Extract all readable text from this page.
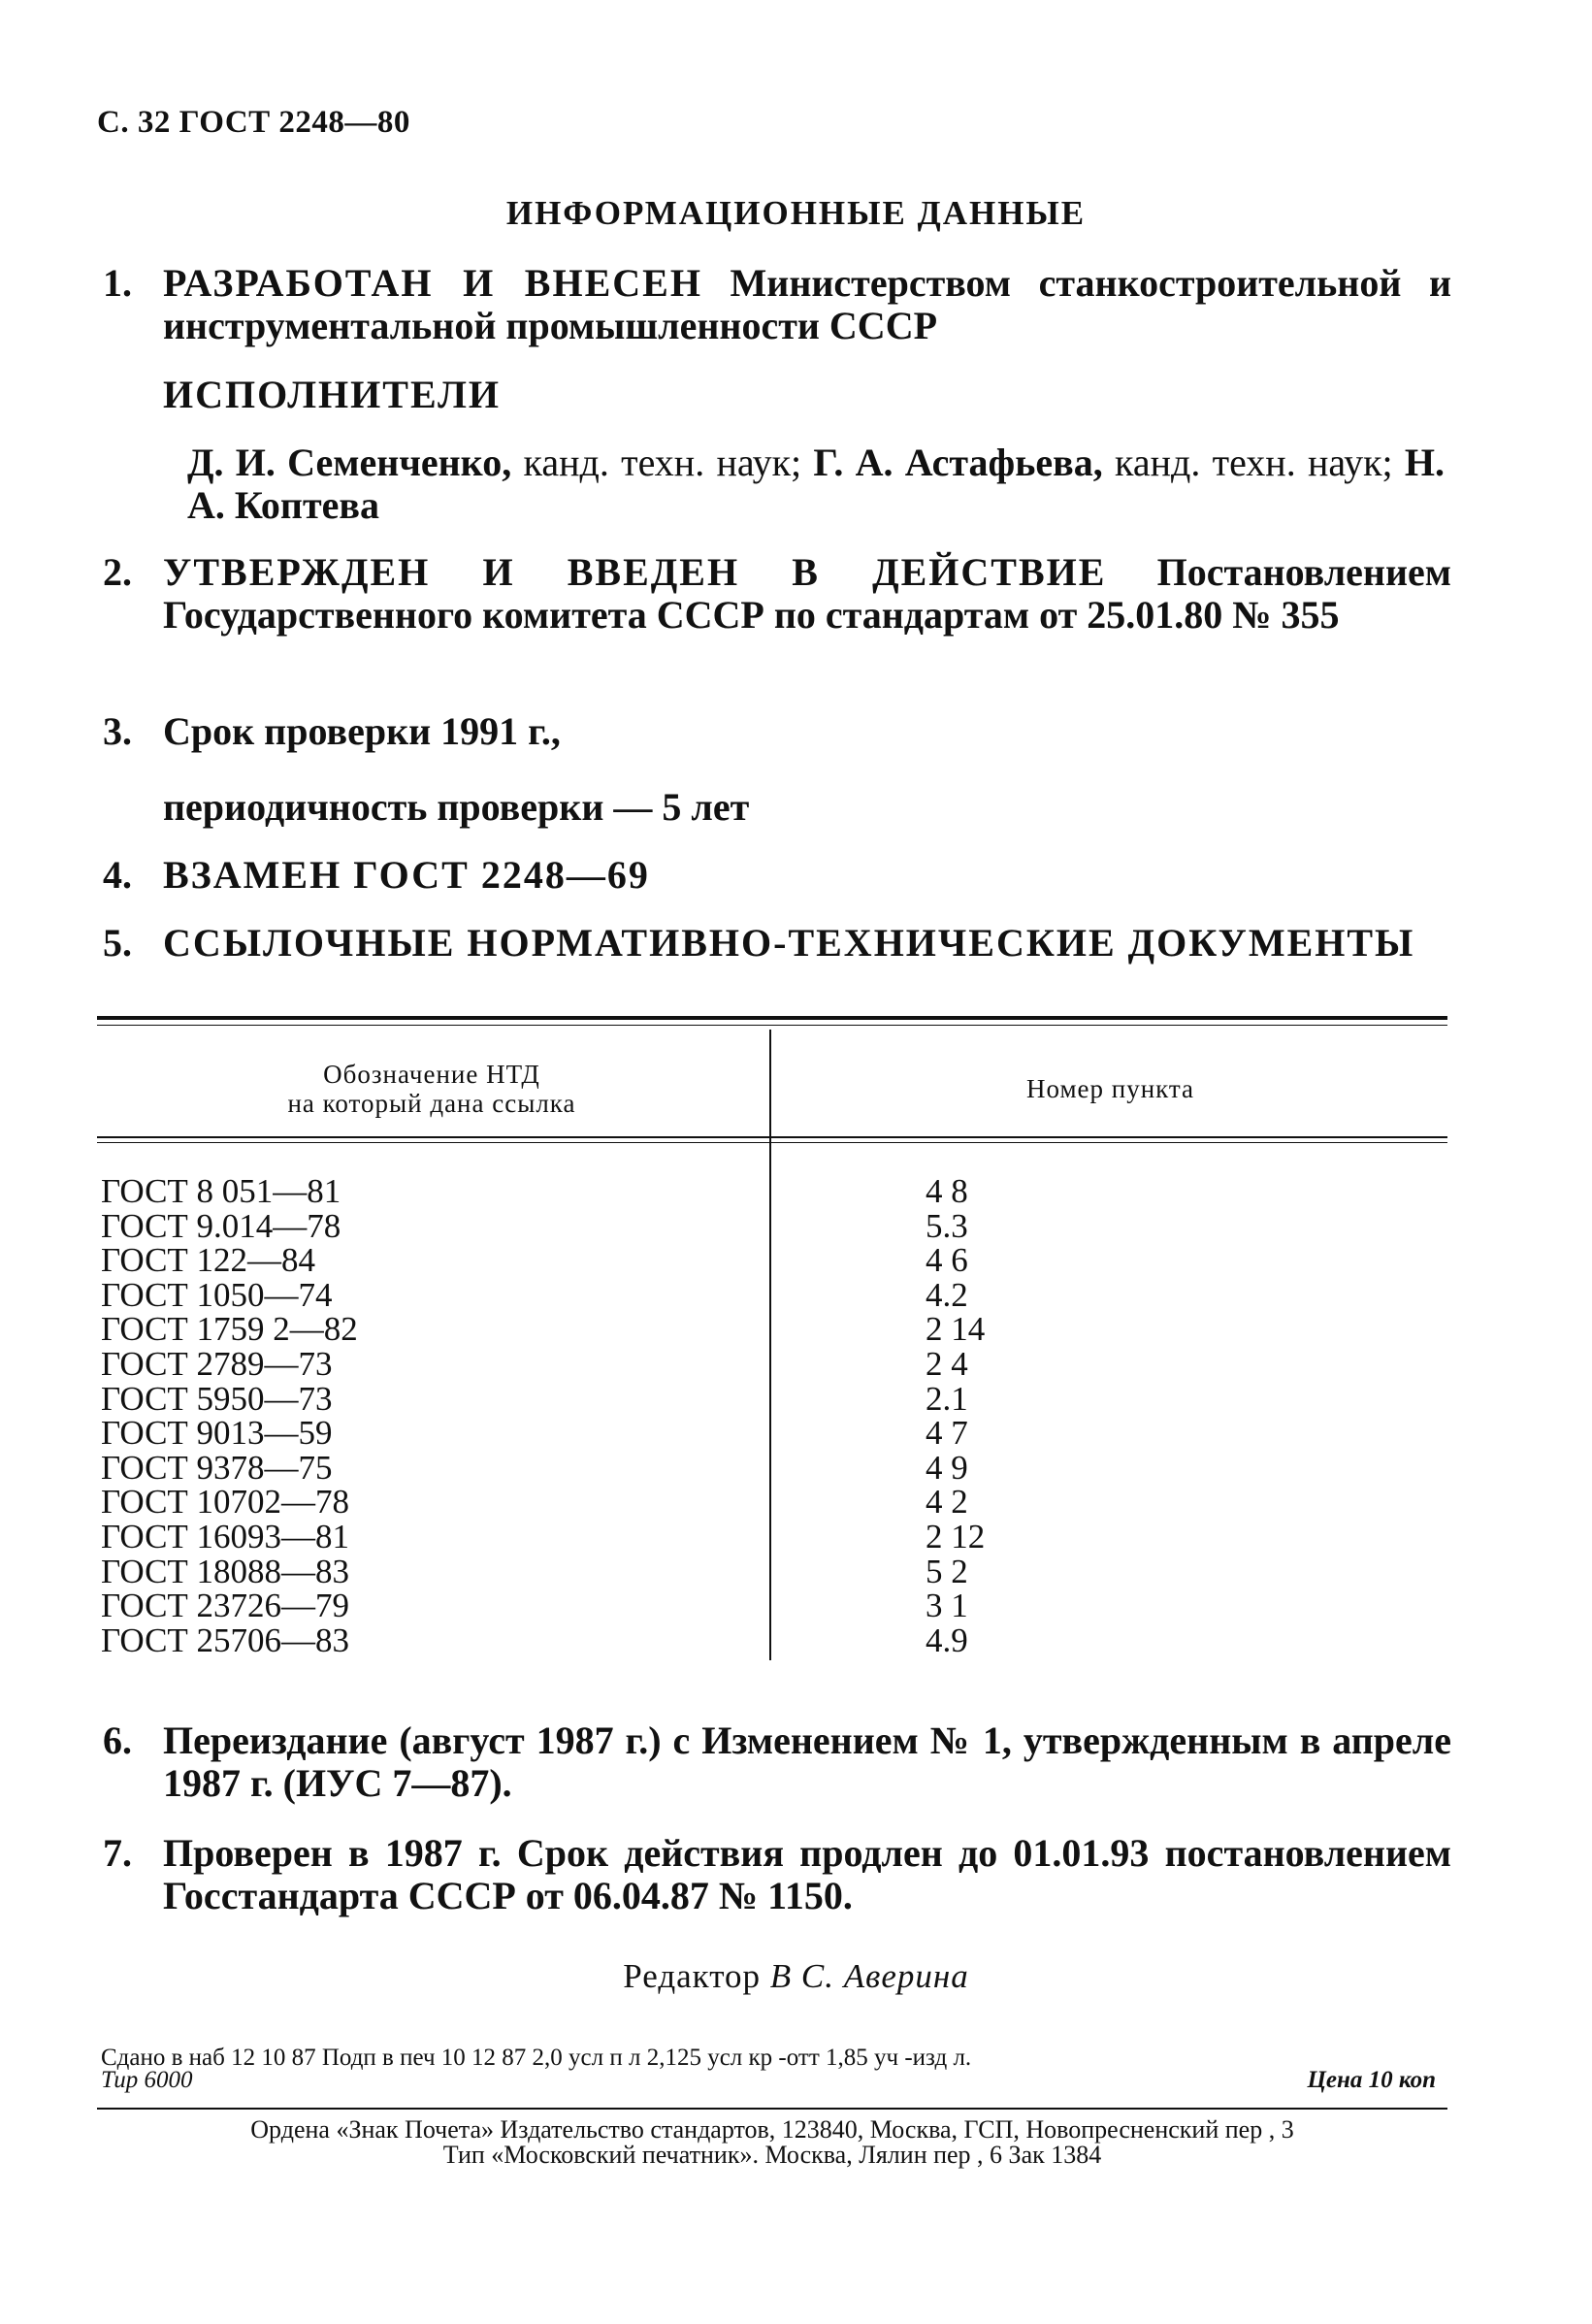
С. 32 ГОСТ 2248—80
ИНФОРМАЦИОННЫЕ ДАННЫЕ
1. РАЗРАБОТАН И ВНЕСЕН Министерством станкостроительной и инструментальной промышленности СССР
ИСПОЛНИТЕЛИ
Д. И. Семенченко, канд. техн. наук; Г. А. Астафьева, канд. техн. наук; Н. А. Коптева
2. УТВЕРЖДЕН И ВВЕДЕН В ДЕЙСТВИЕ Постановлением Государственного комитета СССР по стандартам от 25.01.80 № 355
3. Срок проверки 1991 г.,
периодичность проверки — 5 лет
4. ВЗАМЕН ГОСТ 2248—69
5. ССЫЛОЧНЫЕ НОРМАТИВНО-ТЕХНИЧЕСКИЕ ДОКУМЕНТЫ
Обозначение НТД
на который дана ссылка	Номер пункта
ГОСТ 8 051—81	4 8
ГОСТ 9.014—78	5.3
ГОСТ 122—84	4 6
ГОСТ 1050—74	4.2
ГОСТ 1759 2—82	2 14
ГОСТ 2789—73	2 4
ГОСТ 5950—73	2.1
ГОСТ 9013—59	4 7
ГОСТ 9378—75	4 9
ГОСТ 10702—78	4 2
ГОСТ 16093—81	2 12
ГОСТ 18088—83	5 2
ГОСТ 23726—79	3 1
ГОСТ 25706—83	4.9
6. Переиздание (август 1987 г.) с Изменением № 1, утвержденным в апреле 1987 г. (ИУС 7—87).
7. Проверен в 1987 г. Срок действия продлен до 01.01.93 постановлением Госстандарта СССР от 06.04.87 № 1150.
Редактор В С. Аверина
Сдано в наб 12 10 87 Подп в печ 10 12 87 2,0 усл п л 2,125 усл кр -отт 1,85 уч -изд л.
Тир 6000	Цена 10 коп
Ордена «Знак Почета» Издательство стандартов, 123840, Москва, ГСП, Новопресненский пер , 3
Тип «Московский печатник». Москва, Лялин пер , 6 Зак 1384
